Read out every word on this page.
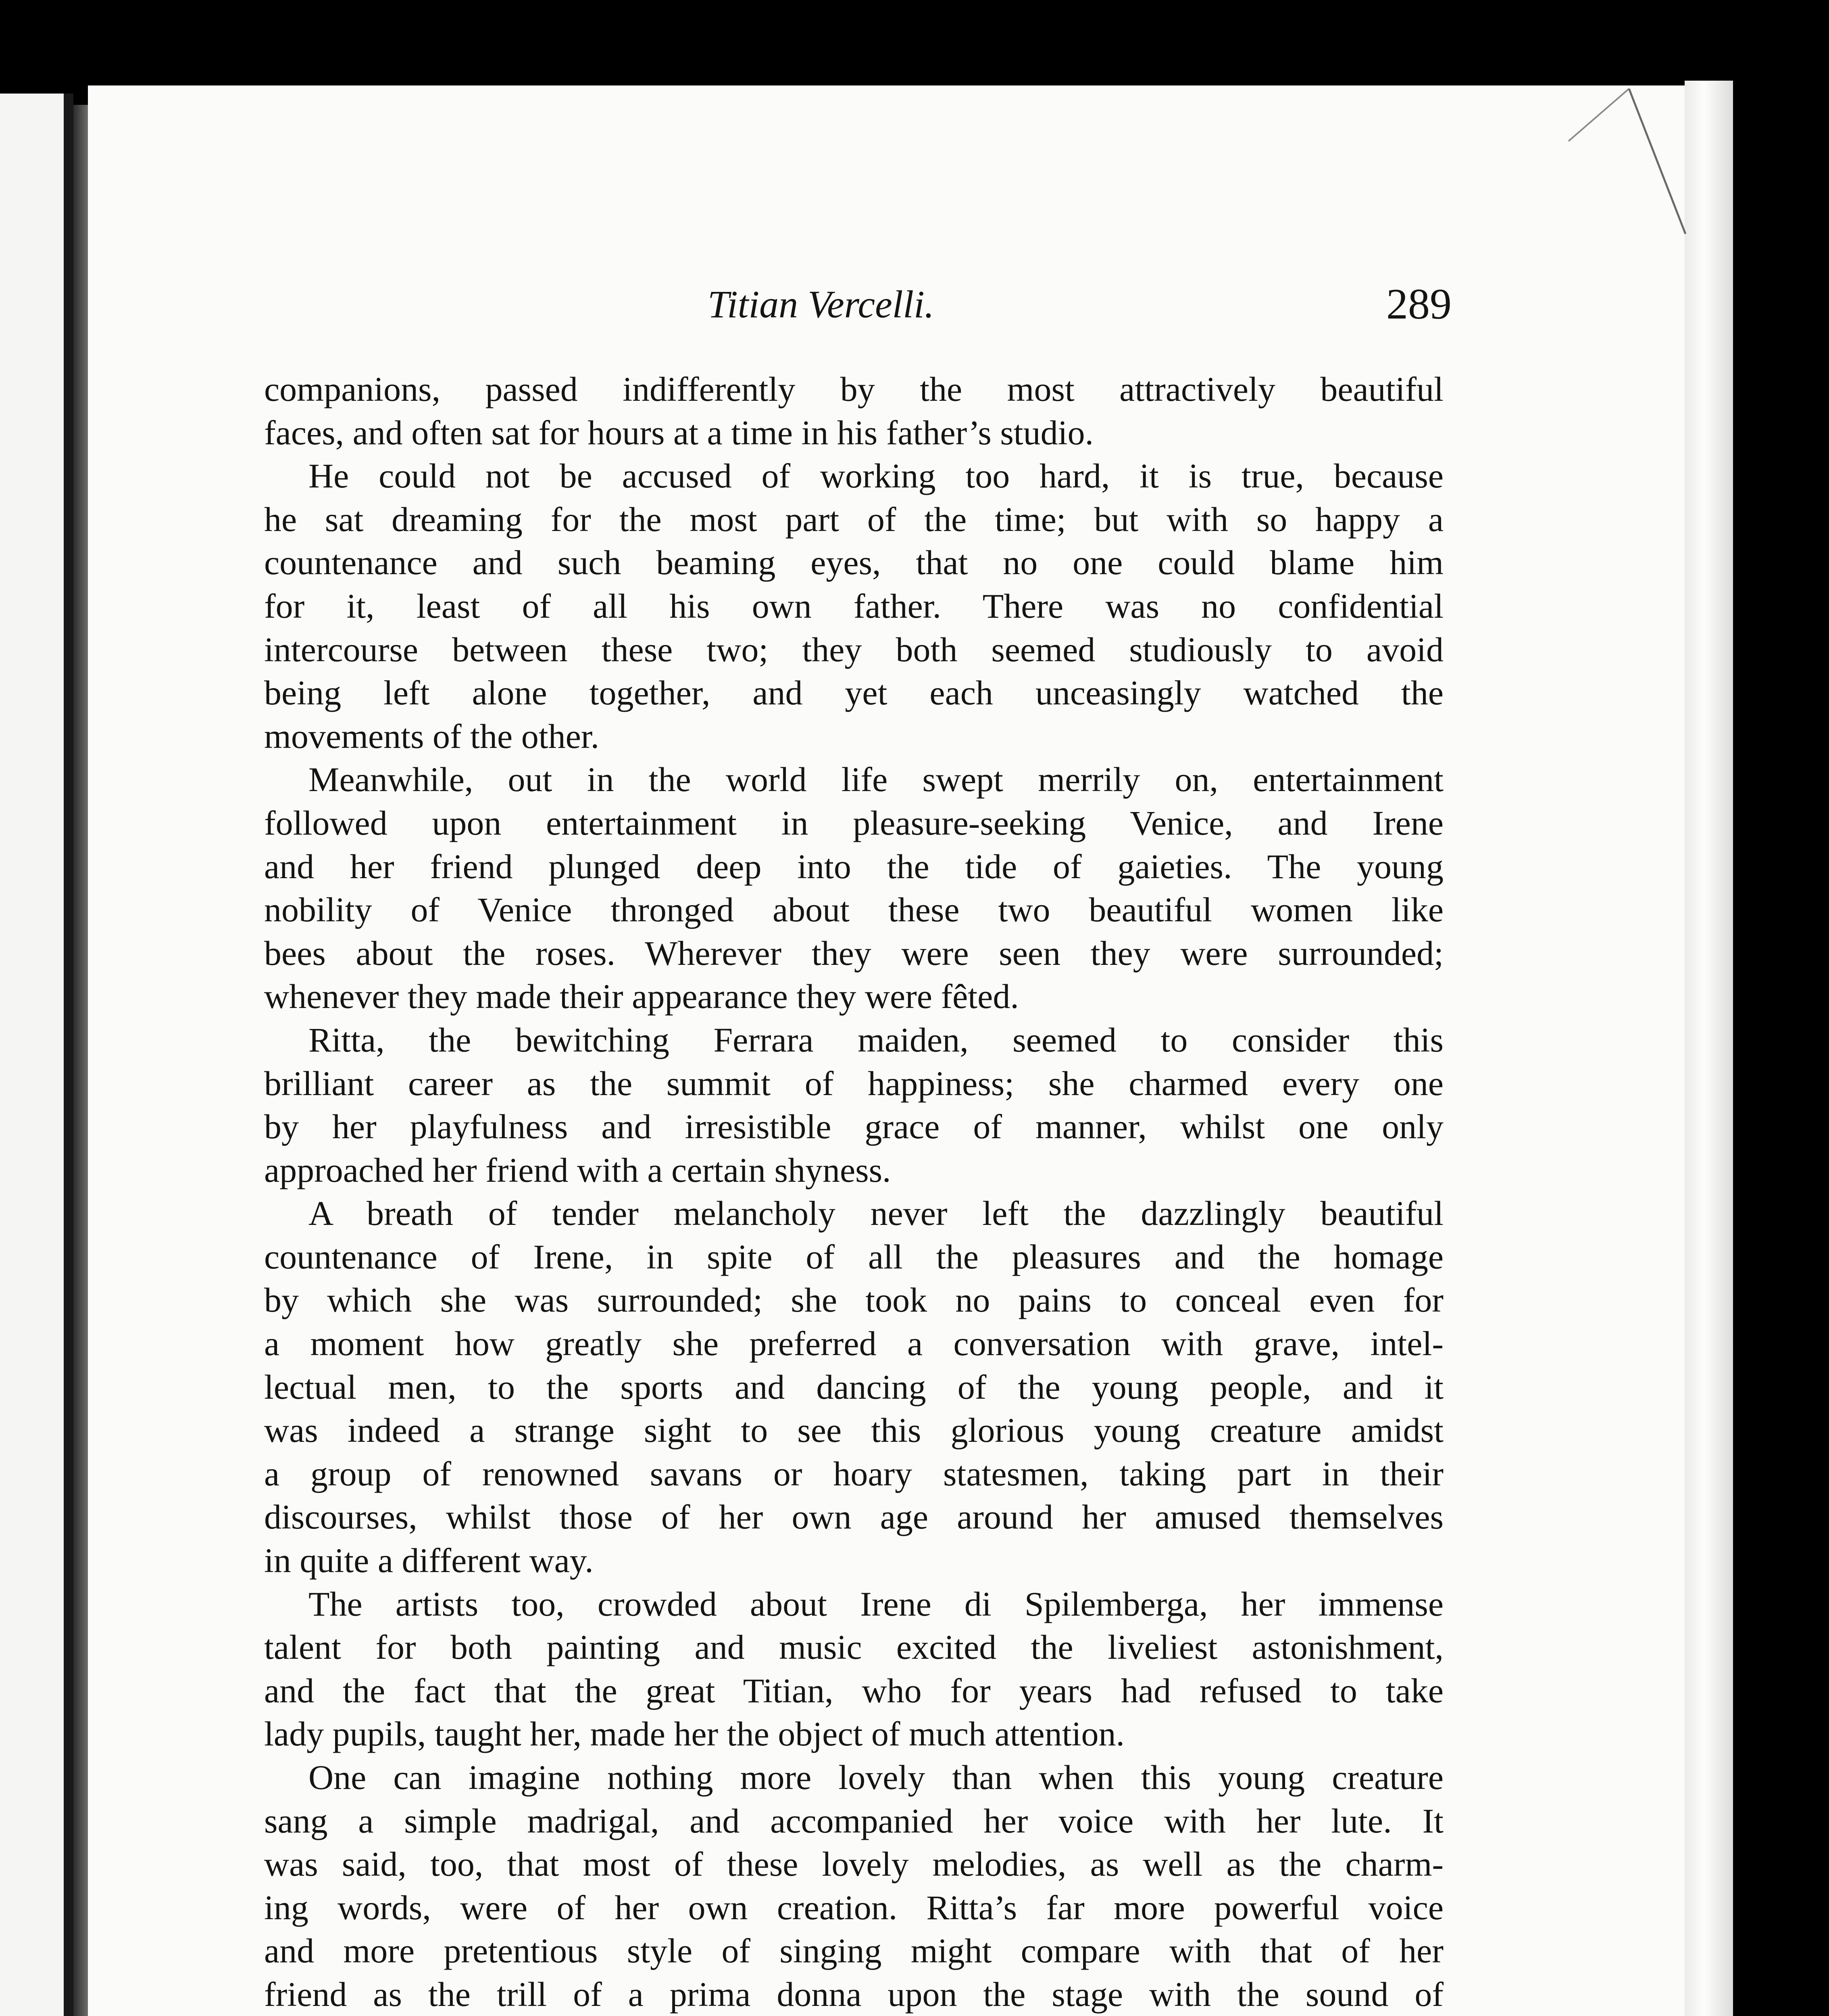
Titian Vercelli.	289
companions, passed indifferently by the most attractively beautiful
faces, and often sat for hours at a time in his father’s studio.
He could not be accused of working too hard, it is true, because
he sat dreaming for the most part of the time; but with so happy a
countenance and such beaming eyes, that no one could blame him
for it, least of all his own father. There was no confidential
intercourse between these two; they both seemed studiously to avoid
being left alone together, and yet each unceasingly watched the
movements of the other.
Meanwhile, out in the world life swept merrily on, entertainment
followed upon entertainment in pleasure-seeking Venice, and Irene
and her friend plunged deep into the tide of gaieties. The young
nobility of Venice thronged about these two beautiful women like
bees about the roses. Wherever they were seen they were surrounded;
whenever they made their appearance they were fêted.
Ritta, the bewitching Ferrara maiden, seemed to consider this
brilliant career as the summit of happiness; she charmed every one
by her playfulness and irresistible grace of manner, whilst one only
approached her friend with a certain shyness.
A breath of tender melancholy never left the dazzlingly beautiful
countenance of Irene, in spite of all the pleasures and the homage
by which she was surrounded; she took no pains to conceal even for
a moment how greatly she preferred a conversation with grave, intel-
lectual men, to the sports and dancing of the young people, and it
was indeed a strange sight to see this glorious young creature amidst
a group of renowned savans or hoary statesmen, taking part in their
discourses, whilst those of her own age around her amused themselves
in quite a different way.
The artists too, crowded about Irene di Spilemberga, her immense
talent for both painting and music excited the liveliest astonishment,
and the fact that the great Titian, who for years had refused to take
lady pupils, taught her, made her the object of much attention.
One can imagine nothing more lovely than when this young creature
sang a simple madrigal, and accompanied her voice with her lute. It
was said, too, that most of these lovely melodies, as well as the charm-
ing words, were of her own creation. Ritta’s far more powerful voice
and more pretentious style of singing might compare with that of her
friend as the trill of a prima donna upon the stage with the sound of
